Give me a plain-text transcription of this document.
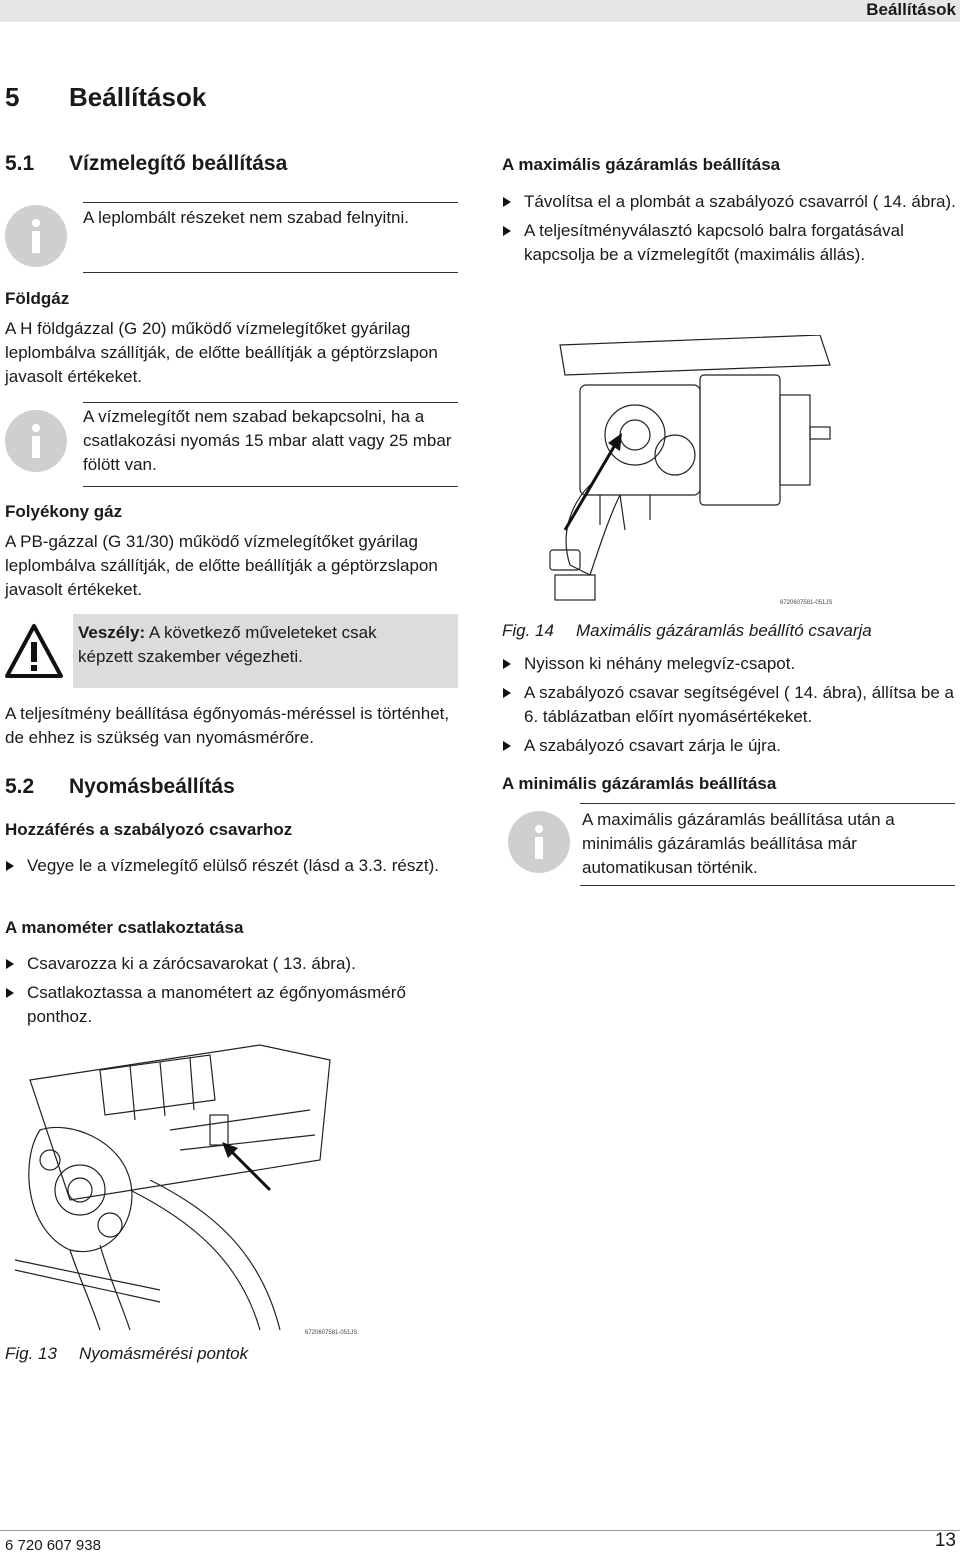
Beállítások
5 Beállítások
5.1 Vízmelegítő beállítása
A leplombált részeket nem szabad felnyitni.
Földgáz
A H földgázzal (G 20) működő vízmelegítőket gyárilag leplombálva szállítják, de előtte beállítják a géptörzslapon javasolt értékeket.
A vízmelegítőt nem szabad bekapcsolni, ha a csatlakozási nyomás 15 mbar alatt vagy 25 mbar fölött van.
Folyékony gáz
A PB-gázzal (G 31/30) működő vízmelegítőket gyárilag leplombálva szállítják, de előtte beállítják a géptörzslapon javasolt értékeket.
Veszély: A következő műveleteket csak képzett szakember végezheti.
A teljesítmény beállítása égőnyomás-méréssel is történhet, de ehhez is szükség van nyomásmérőre.
5.2 Nyomásbeállítás
Hozzáférés a szabályozó csavarhoz
Vegye le a vízmelegítő elülső részét (lásd a 3.3. részt).
A manométer csatlakoztatása
Csavarozza ki a zárócsavarokat ( 13. ábra).
Csatlakoztassa a manométert az égőnyomásmérő ponthoz.
6720607581-051JS
Fig. 13 Nyomásmérési pontok
A maximális gázáramlás beállítása
Távolítsa el a plombát a szabályozó csavarról ( 14. ábra).
A teljesítményválasztó kapcsoló balra forgatásával kapcsolja be a vízmelegítőt (maximális állás).
6720607581-051JS
Fig. 14 Maximális gázáramlás beállító csavarja
Nyisson ki néhány melegvíz-csapot.
A szabályozó csavar segítségével ( 14. ábra), állítsa be a 6. táblázatban előírt nyomásértékeket.
A szabályozó csavart zárja le újra.
A minimális gázáramlás beállítása
A maximális gázáramlás beállítása után a minimális gázáramlás beállítása már automatikusan történik.
6 720 607 938	13
